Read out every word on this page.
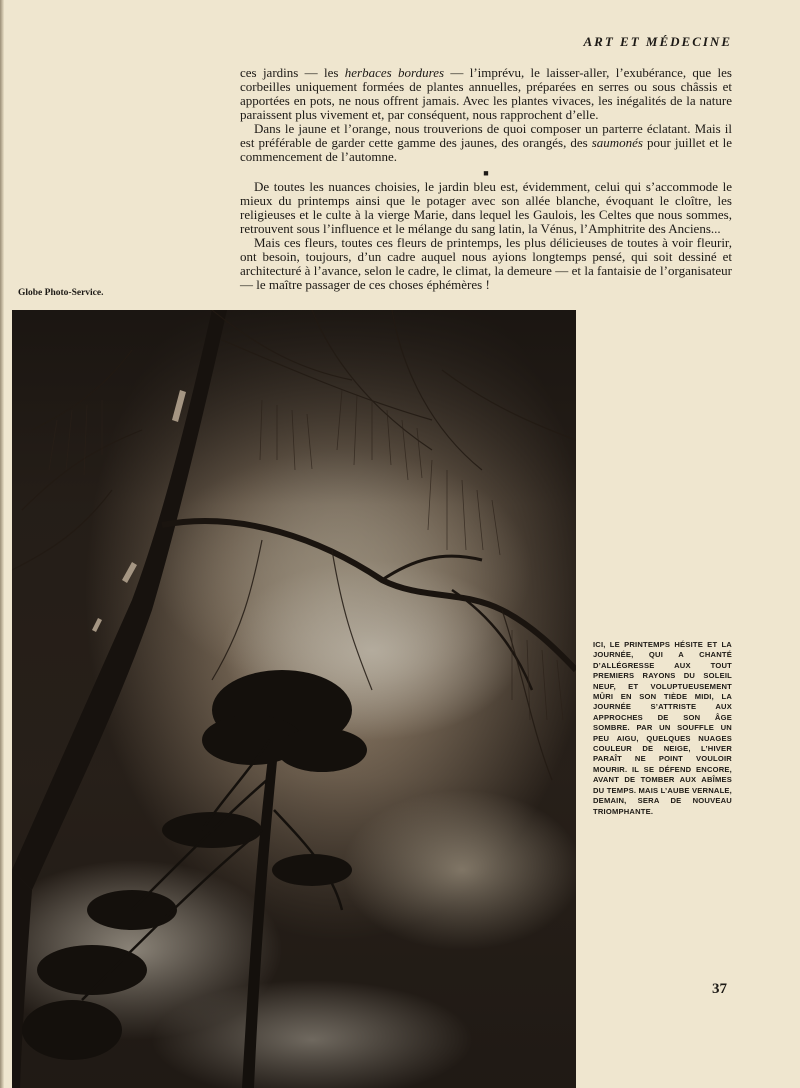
ART ET MÉDECINE

ces jardins — les herbaces bordures — l’imprévu, le laisser-aller, l’exubérance, que les corbeilles uniquement formées de plantes annuelles, préparées en serres ou sous châssis et apportées en pots, ne nous offrent jamais. Avec les plantes vivaces, les inégalités de la nature paraissent plus vivement et, par conséquent, nous rapprochent d’elle.

Dans le jaune et l’orange, nous trouverions de quoi composer un parterre éclatant. Mais il est préférable de garder cette gamme des jaunes, des orangés, des saumonés pour juillet et le commencement de l’automne.

■

De toutes les nuances choisies, le jardin bleu est, évidemment, celui qui s’accommode le mieux du printemps ainsi que le potager avec son allée blanche, évoquant le cloître, les religieuses et le culte à la vierge Marie, dans lequel les Gaulois, les Celtes que nous sommes, retrouvent sous l’influence et le mélange du sang latin, la Vénus, l’Amphitrite des Anciens...

Mais ces fleurs, toutes ces fleurs de printemps, les plus délicieuses de toutes à voir fleurir, ont besoin, toujours, d’un cadre auquel nous ayions longtemps pensé, qui soit dessiné et architecturé à l’avance, selon le cadre, le climat, la demeure — et la fantaisie de l’organisateur — le maître passager de ces choses éphémères !

Globe Photo-Service.
ICI, LE PRINTEMPS HÉSITE ET LA JOURNÉE, QUI A CHANTÉ D’ALLÉGRESSE AUX TOUT PREMIERS RAYONS DU SOLEIL NEUF, ET VOLUPTUEUSEMENT MÛRI EN SON TIÈDE MIDI, LA JOURNÉE S’ATTRISTE AUX APPROCHES DE SON ÂGE SOMBRE. PAR UN SOUFFLE UN PEU AIGU, QUELQUES NUAGES COULEUR DE NEIGE, L’HIVER PARAÎT NE POINT VOULOIR MOURIR. IL SE DÉFEND ENCORE, AVANT DE TOMBER AUX ABÎMES DU TEMPS. MAIS L’AUBE VERNALE, DEMAIN, SERA DE NOUVEAU TRIOMPHANTE.
37
